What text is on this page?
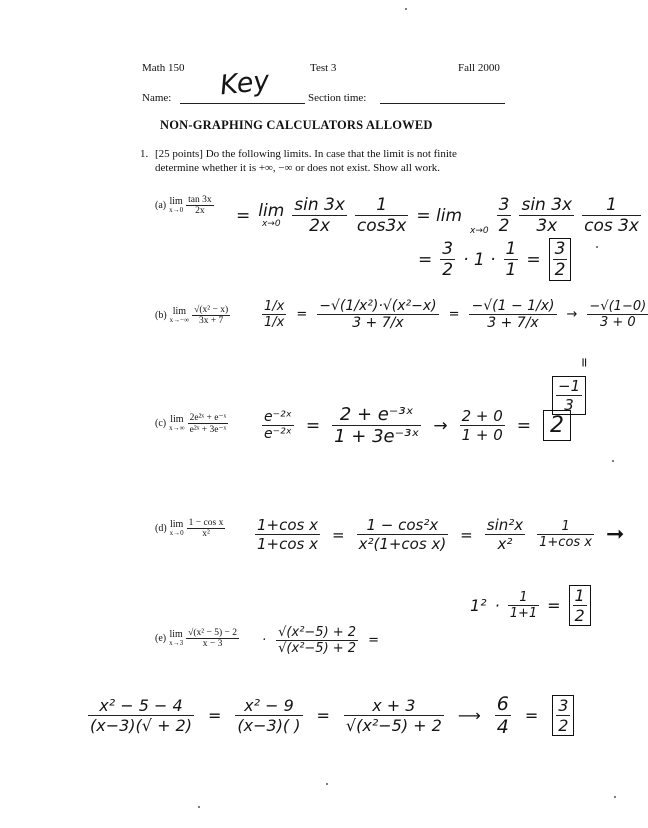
Math 150	Test 3	Fall 2000
Name: Key	Section time:
NON-GRAPHING CALCULATORS ALLOWED
1. [25 points] Do the following limits. In case that the limit is not finite
determine whether it is +∞, −∞ or does not exist. Show all work.
(a) lim
$x\to 0 \frac{\tan 3x}{2x} = \lim$
$x\to 0 \frac{\sin 3x}{2x} \frac{1}{\cos 3x} = \lim$
$x\to 0 \frac{3}{2} \frac{\sin 3x}{3x} \frac{1}{\cos 3x}$
= $\frac{3}{2} \cdot 1 \cdot \frac{1}{1} = \frac{3}{2}$
(b) lim
$x\to-\infty \frac{\text{√(x² − x)}}{3x + 7} \frac{1/x}{1/x} = \frac{\text{−√(1/x²)·√(x²−x)}}{3 + 7/x} = \frac{-√(1 - 1/x)}{3 + 7/x} \to \frac{-√(1-0)}{3 + 0}$
=
$\frac{-1}{3}$
(c) lim
$x\to\infty \frac{\text{2e²ˣ + e⁻ˣ}}{\text{e²ˣ + 3e⁻ˣ}} \frac{\text{e⁻²ˣ}}{\text{e⁻²ˣ}} = \frac{\text{2 + e⁻³ˣ}}{\text{1 + 3e⁻³ˣ}} \to \frac{2 + 0}{1 + 0} = 2$
(d) lim
$x\to 0 \frac{\text{1 − cos x}}{\text{x²}} \frac{\text{1+cos x}}{\text{1+cos x}} = \frac{\text{1 − cos²x}}{\text{x²(1+cos x)}} = \frac{\text{sin²x}}{\text{x²}} \frac{1}{\text{1+cos x}}$ ➞
$1^2 \cdot \frac{1}{1+1} = \frac{1}{2}$
(e) lim
$x\to 3 \frac{\text{√(x² − 5) − 2}}{x - 3} \cdot \frac{\text{√(x²−5) + 2}}{\text{√(x²−5) + 2}}$ =
$\frac{\text{x² − 5 − 4}}{(x-3)(√ + 2)} = \frac{\text{x² − 9}}{(x-3)( )} = \frac{x + 3}{\text{√(x²−5) + 2}}$ ⟶ $\frac{6}{4} = \frac{3}{2}$
